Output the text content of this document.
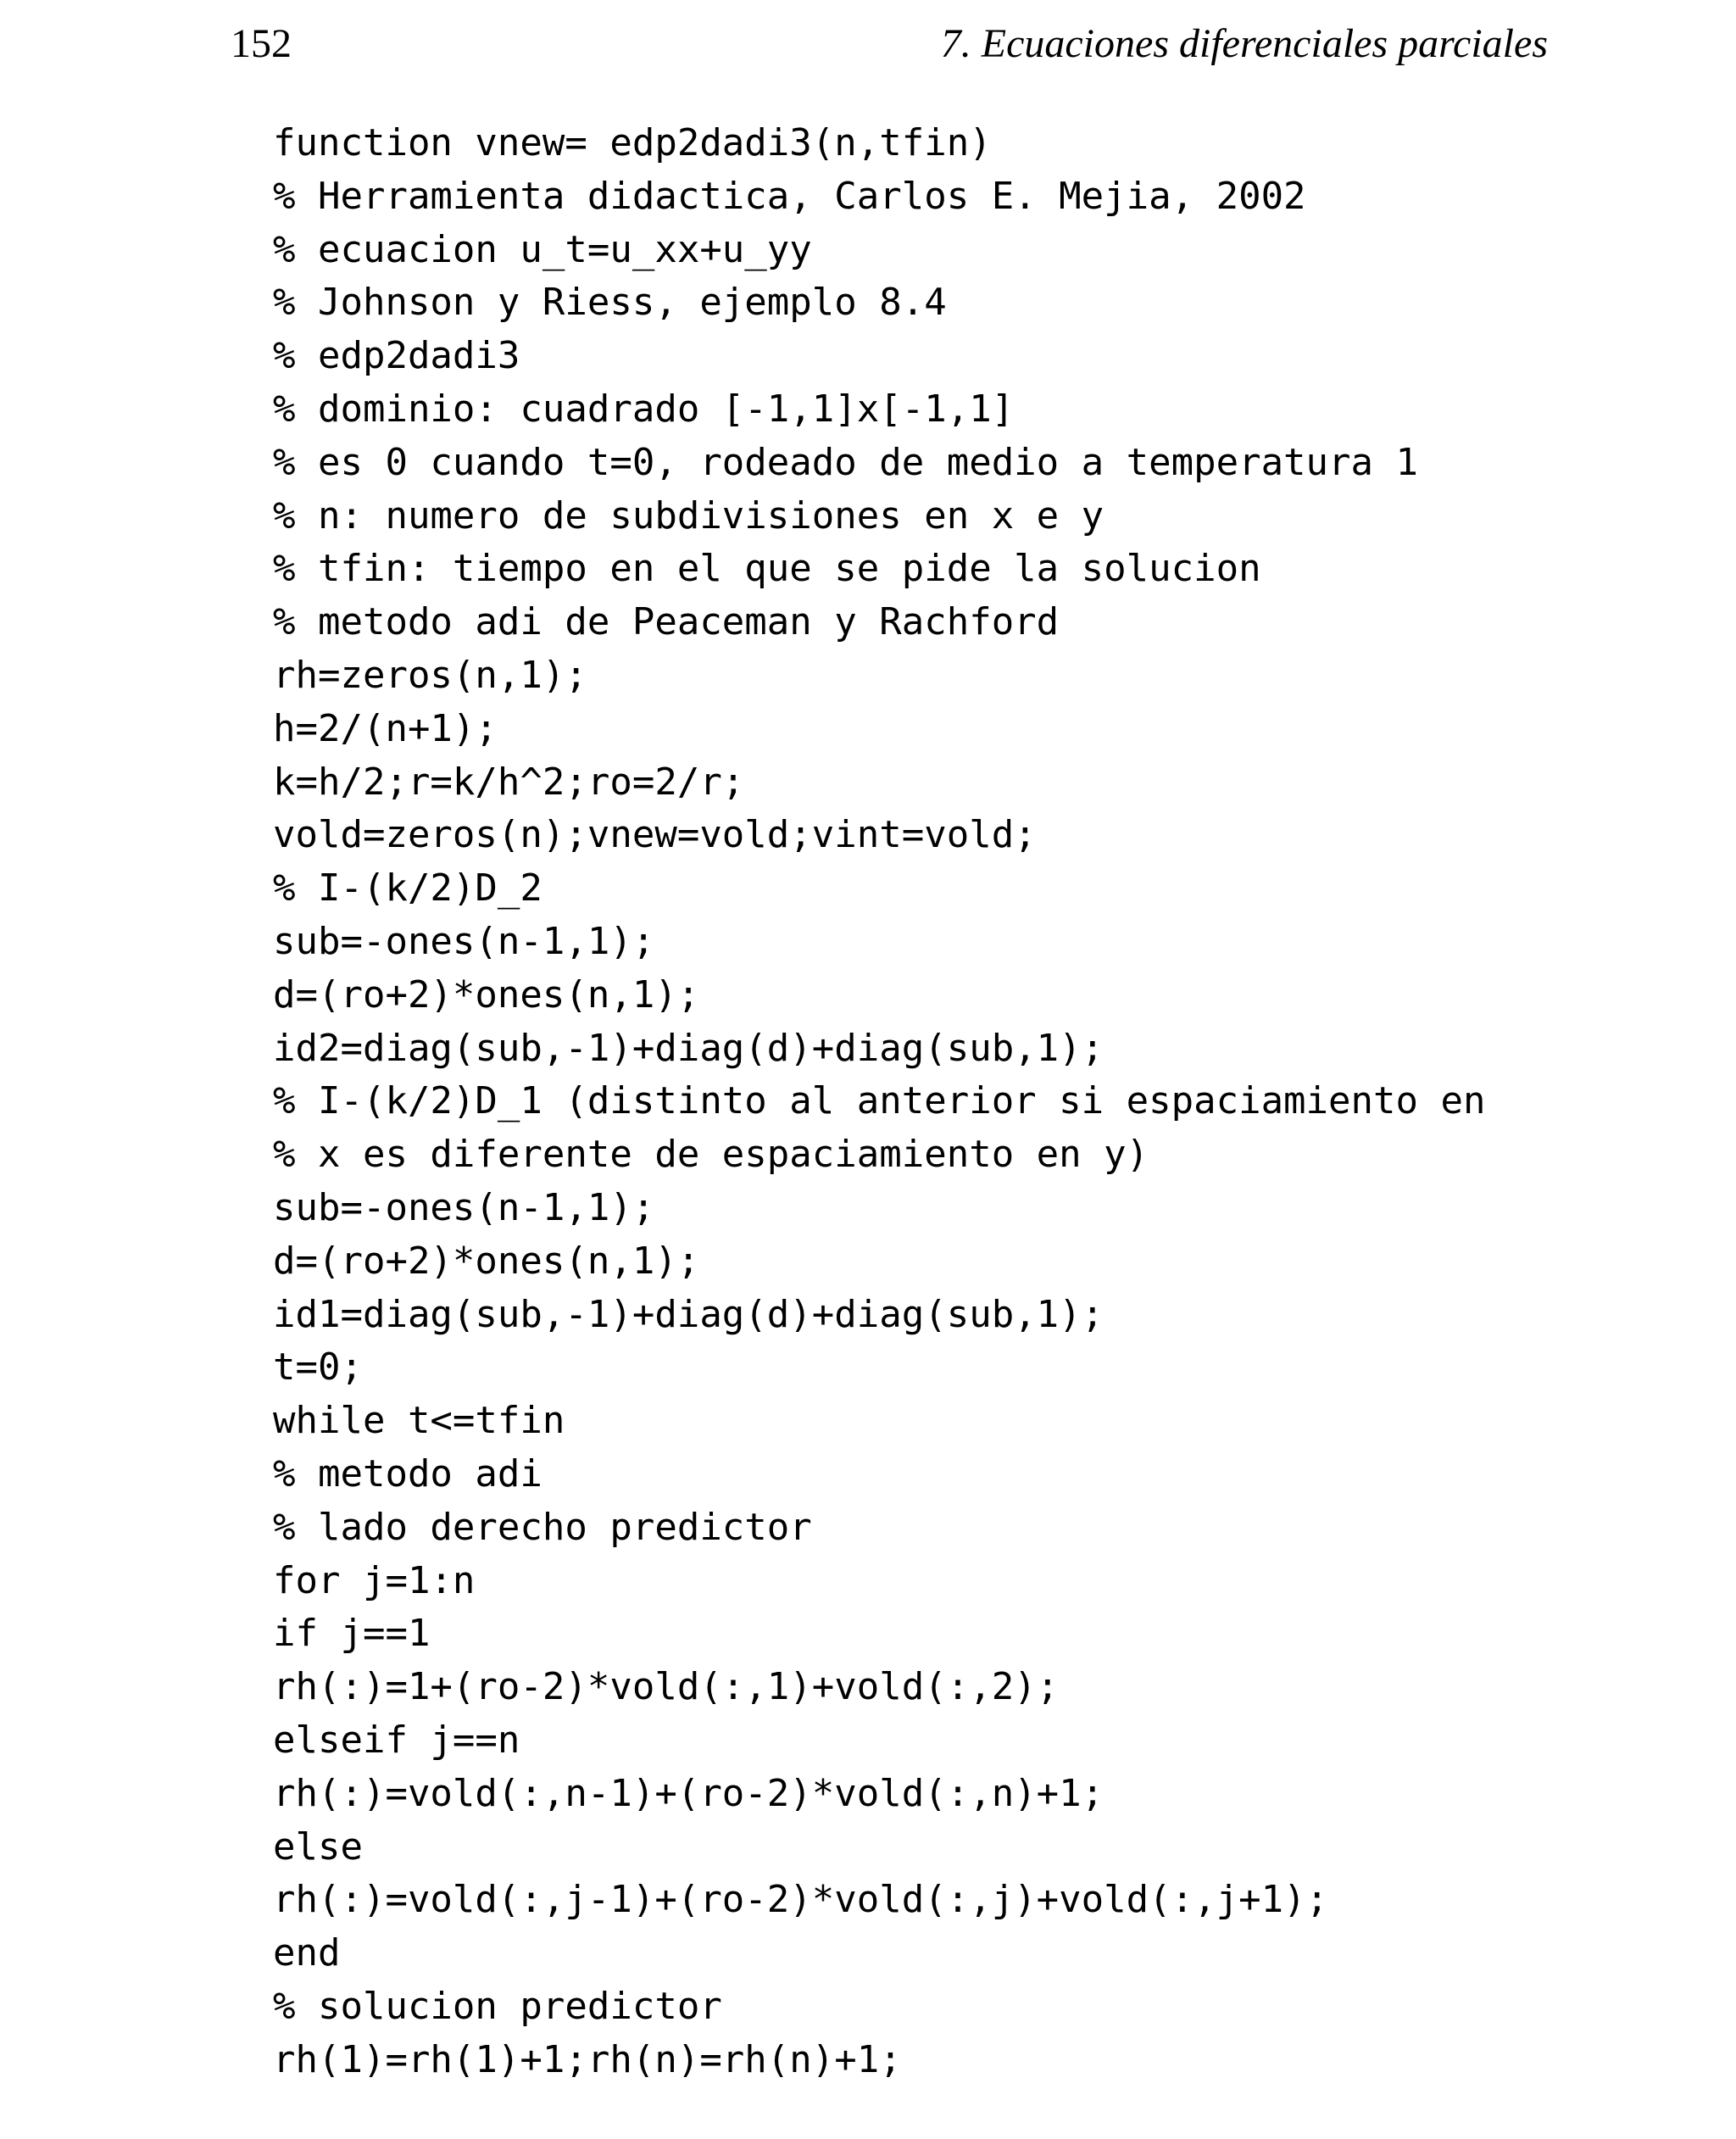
152	7. Ecuaciones diferenciales parciales
function vnew= edp2dadi3(n,tfin)
% Herramienta didactica, Carlos E. Mejia, 2002
% ecuacion u_t=u_xx+u_yy
% Johnson y Riess, ejemplo 8.4
% edp2dadi3
% dominio: cuadrado [-1,1]x[-1,1]
% es 0 cuando t=0, rodeado de medio a temperatura 1
% n: numero de subdivisiones en x e y
% tfin: tiempo en el que se pide la solucion
% metodo adi de Peaceman y Rachford
rh=zeros(n,1);
h=2/(n+1);
k=h/2;r=k/h^2;ro=2/r;
vold=zeros(n);vnew=vold;vint=vold;
% I-(k/2)D_2
sub=-ones(n-1,1);
d=(ro+2)*ones(n,1);
id2=diag(sub,-1)+diag(d)+diag(sub,1);
% I-(k/2)D_1 (distinto al anterior si espaciamiento en
% x es diferente de espaciamiento en y)
sub=-ones(n-1,1);
d=(ro+2)*ones(n,1);
id1=diag(sub,-1)+diag(d)+diag(sub,1);
t=0;
while t<=tfin
% metodo adi
% lado derecho predictor
for j=1:n
if j==1
rh(:)=1+(ro-2)*vold(:,1)+vold(:,2);
elseif j==n
rh(:)=vold(:,n-1)+(ro-2)*vold(:,n)+1;
else
rh(:)=vold(:,j-1)+(ro-2)*vold(:,j)+vold(:,j+1);
end
% solucion predictor
rh(1)=rh(1)+1;rh(n)=rh(n)+1;
